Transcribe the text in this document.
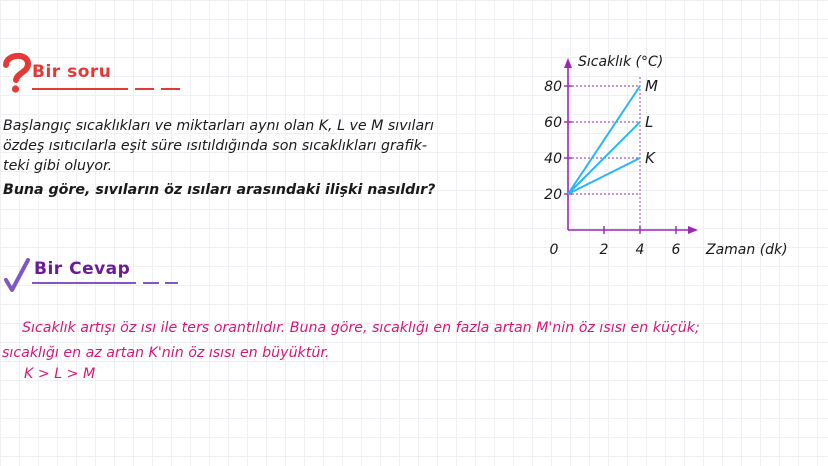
Bir soru
Başlangıç sıcaklıkları ve miktarları aynı olan K, L ve M sıvıları
özdeş ısıtıcılarla eşit süre ısıtıldığında son sıcaklıkları grafik-
teki gibi oluyor.
Buna göre, sıvıların öz ısıları arasındaki ilişki nasıldır?
Bir Cevap
Sıcaklık artışı öz ısı ile ters orantılıdır. Buna göre, sıcaklığı en fazla artan M'nin öz ısısı en küçük;
sıcaklığı en az artan K'nin öz ısısı en büyüktür.
K > L > M
20
40
60
80
0	2 4 6
M
L
K
Sıcaklık (°C)
Zaman (dk)
